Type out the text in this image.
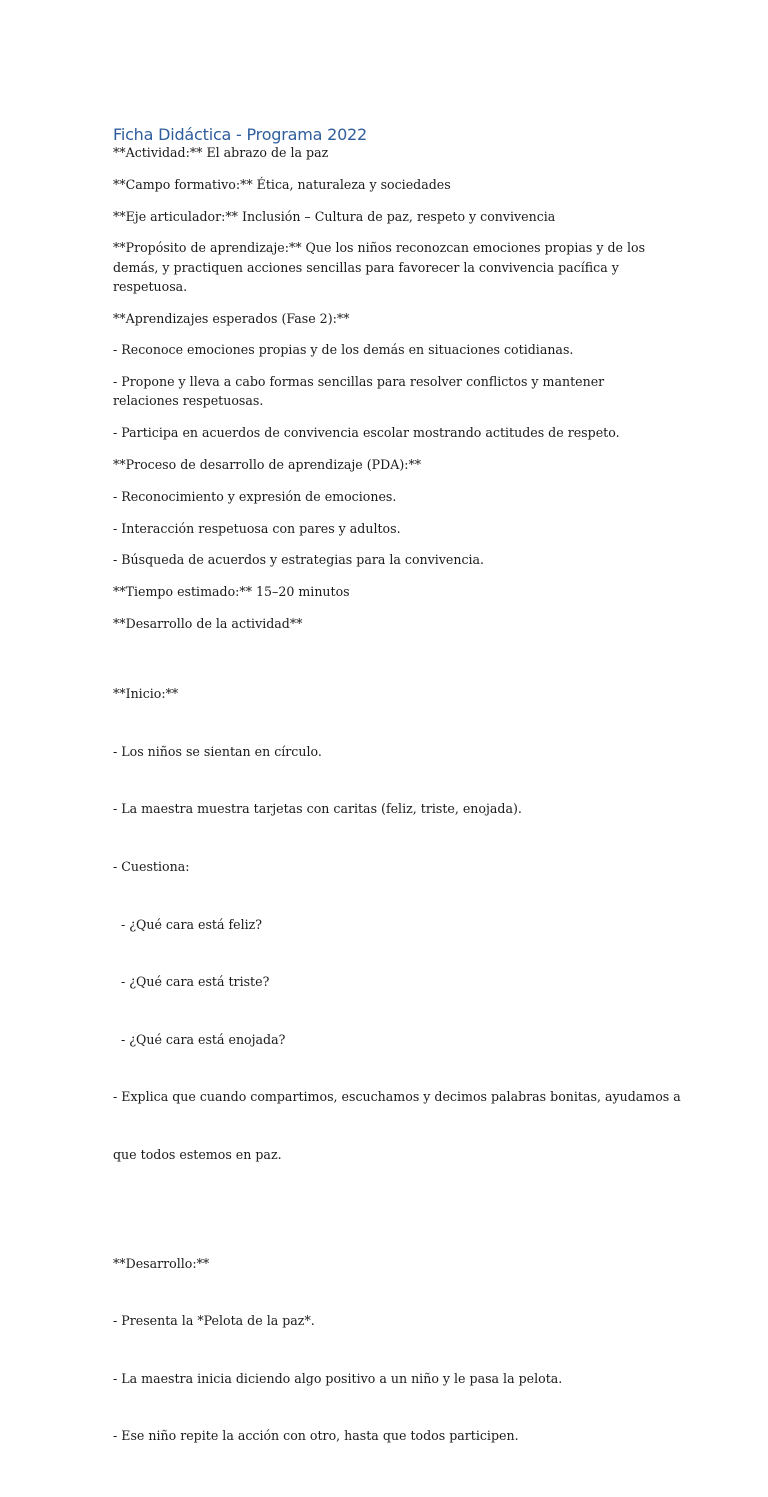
Ficha Didáctica - Programa 2022

**Actividad:** El abrazo de la paz

**Campo formativo:** Ética, naturaleza y sociedades

**Eje articulador:** Inclusión – Cultura de paz, respeto y convivencia

**Propósito de aprendizaje:** Que los niños reconozcan emociones propias y de los demás, y practiquen acciones sencillas para favorecer la convivencia pacífica y respetuosa.

**Aprendizajes esperados (Fase 2):**

- Reconoce emociones propias y de los demás en situaciones cotidianas.

- Propone y lleva a cabo formas sencillas para resolver conflictos y mantener relaciones respetuosas.

- Participa en acuerdos de convivencia escolar mostrando actitudes de respeto.

**Proceso de desarrollo de aprendizaje (PDA):**

- Reconocimiento y expresión de emociones.

- Interacción respetuosa con pares y adultos.

- Búsqueda de acuerdos y estrategias para la convivencia.

**Tiempo estimado:** 15–20 minutos

**Desarrollo de la actividad**

**Inicio:**

- Los niños se sientan en círculo.

- La maestra muestra tarjetas con caritas (feliz, triste, enojada).

- Cuestiona:

- ¿Qué cara está feliz?

- ¿Qué cara está triste?

- ¿Qué cara está enojada?

- Explica que cuando compartimos, escuchamos y decimos palabras bonitas, ayudamos a

que todos estemos en paz.

**Desarrollo:**

- Presenta la *Pelota de la paz*.

- La maestra inicia diciendo algo positivo a un niño y le pasa la pelota.

- Ese niño repite la acción con otro, hasta que todos participen.
